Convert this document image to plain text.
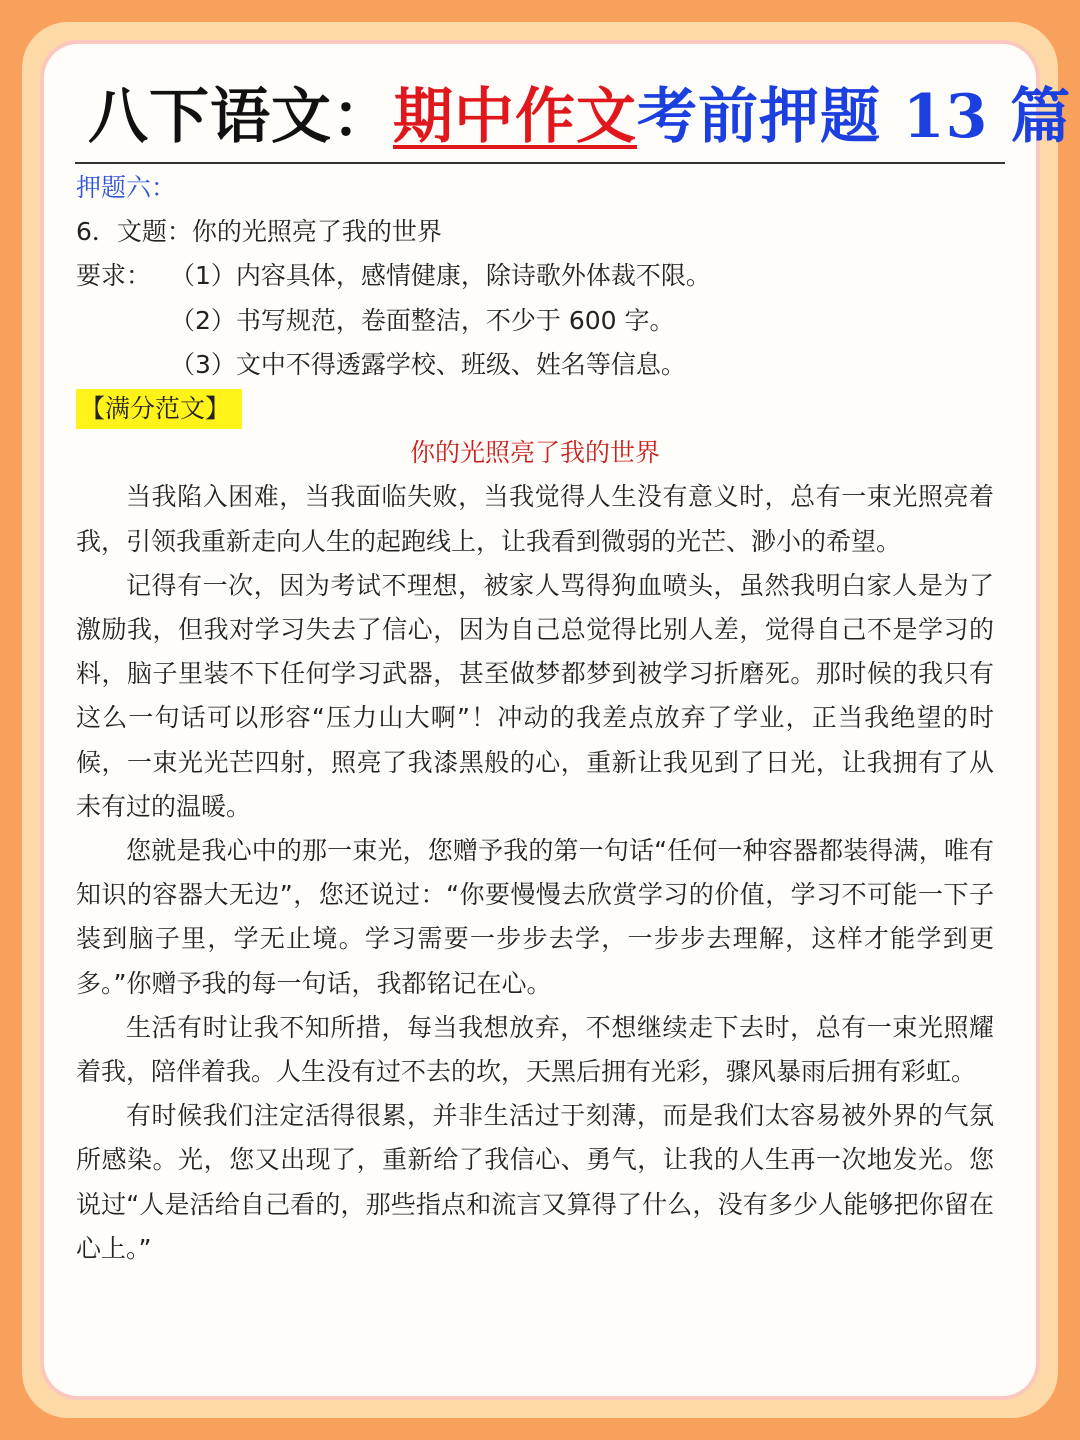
八下语文：期中作文考前押题 13 篇

押题六：

6．文题：你的光照亮了我的世界

要求： （1）内容具体，感情健康，除诗歌外体裁不限。

（2）书写规范，卷面整洁，不少于 600 字。

（3）文中不得透露学校、班级、姓名等信息。

【满分范文】

你的光照亮了我的世界

当我陷入困难，当我面临失败，当我觉得人生没有意义时，总有一束光照亮着我，引领我重新走向人生的起跑线上，让我看到微弱的光芒、渺小的希望。

记得有一次，因为考试不理想，被家人骂得狗血喷头，虽然我明白家人是为了激励我，但我对学习失去了信心，因为自己总觉得比别人差，觉得自己不是学习的料，脑子里装不下任何学习武器，甚至做梦都梦到被学习折磨死。那时候的我只有这么一句话可以形容“压力山大啊”！冲动的我差点放弃了学业，正当我绝望的时候，一束光光芒四射，照亮了我漆黑般的心，重新让我见到了日光，让我拥有了从未有过的温暖。

您就是我心中的那一束光，您赠予我的第一句话“任何一种容器都装得满，唯有知识的容器大无边”，您还说过：“你要慢慢去欣赏学习的价值，学习不可能一下子装到脑子里，学无止境。学习需要一步步去学，一步步去理解，这样才能学到更多。”你赠予我的每一句话，我都铭记在心。

生活有时让我不知所措，每当我想放弃，不想继续走下去时，总有一束光照耀着我，陪伴着我。人生没有过不去的坎，天黑后拥有光彩，骤风暴雨后拥有彩虹。

有时候我们注定活得很累，并非生活过于刻薄，而是我们太容易被外界的气氛所感染。光，您又出现了，重新给了我信心、勇气，让我的人生再一次地发光。您说过“人是活给自己看的，那些指点和流言又算得了什么，没有多少人能够把你留在心上。”
